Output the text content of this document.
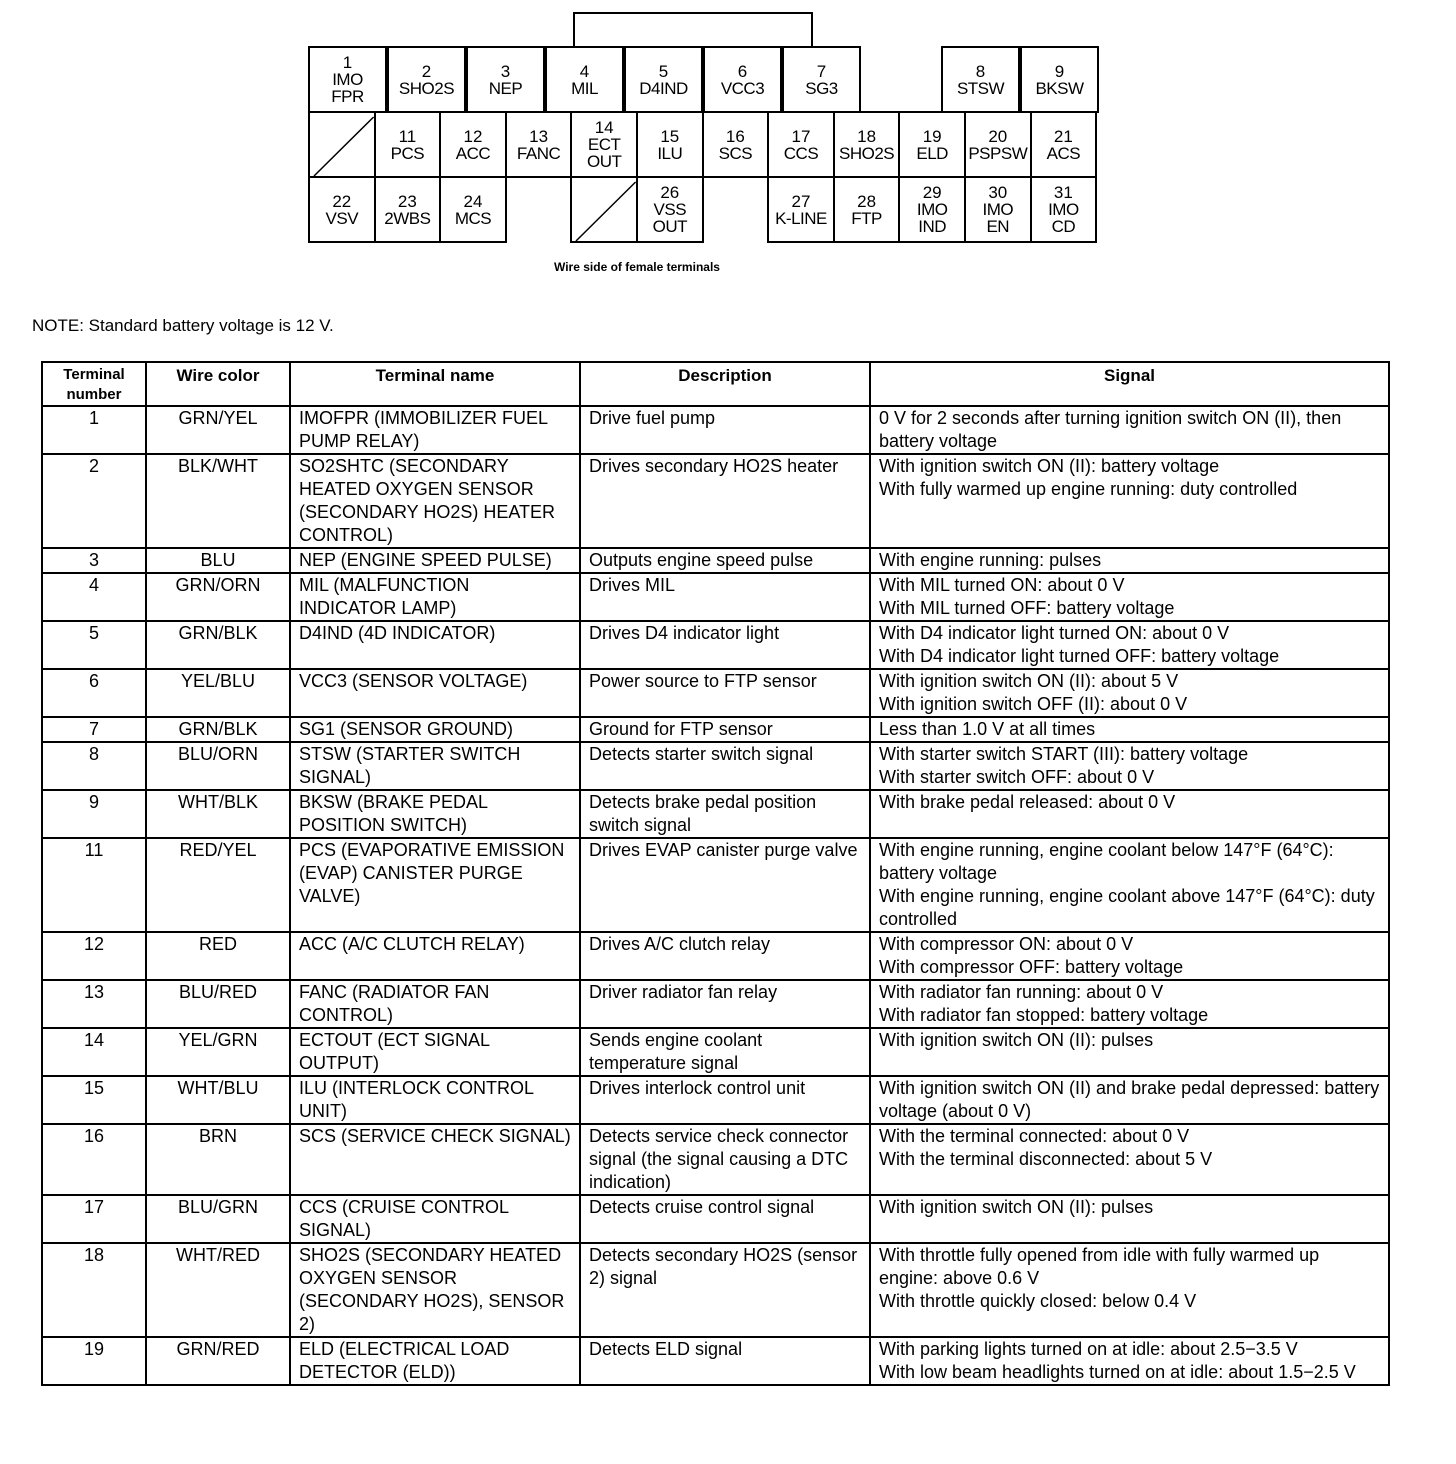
1
IMO
FPR
2
SHO2S
3
NEP
4
MIL
5
D4IND
6
VCC3
7
SG3
8
STSW
9
BKSW
11
PCS
12
ACC
13
FANC
14
ECT
OUT
15
ILU
16
SCS
17
CCS
18
SHO2S
19
ELD
20
PSPSW
21
ACS
22
VSV
23
2WBS
24
MCS
26
VSS
OUT
27
K-LINE
28
FTP
29
IMO
IND
30
IMO
EN
31
IMO
CD
Wire side of female terminals
NOTE: Standard battery voltage is 12 V.
Terminal number	Wire color	Terminal name	Description	Signal
1	GRN/YEL	IMOFPR (IMMOBILIZER FUEL PUMP RELAY)	Drive fuel pump	0 V for 2 seconds after turning ignition switch ON (II), then battery voltage

2	BLK/WHT	SO2SHTC (SECONDARY HEATED OXYGEN SENSOR (SECONDARY HO2S) HEATER CONTROL)	Drives secondary HO2S heater	With ignition switch ON (II): battery voltage
With fully warmed up engine running: duty controlled

3	BLU	NEP (ENGINE SPEED PULSE)	Outputs engine speed pulse	With engine running: pulses

4	GRN/ORN	MIL (MALFUNCTION INDICATOR LAMP)	Drives MIL	With MIL turned ON: about 0 V
With MIL turned OFF: battery voltage

5	GRN/BLK	D4IND (4D INDICATOR)	Drives D4 indicator light	With D4 indicator light turned ON: about 0 V
With D4 indicator light turned OFF: battery voltage

6	YEL/BLU	VCC3 (SENSOR VOLTAGE)	Power source to FTP sensor	With ignition switch ON (II): about 5 V
With ignition switch OFF (II): about 0 V

7	GRN/BLK	SG1 (SENSOR GROUND)	Ground for FTP sensor	Less than 1.0 V at all times

8	BLU/ORN	STSW (STARTER SWITCH SIGNAL)	Detects starter switch signal	With starter switch START (III): battery voltage
With starter switch OFF: about 0 V

9	WHT/BLK	BKSW (BRAKE PEDAL POSITION SWITCH)	Detects brake pedal position switch signal	With brake pedal released: about 0 V

11	RED/YEL	PCS (EVAPORATIVE EMISSION (EVAP) CANISTER PURGE VALVE)	Drives EVAP canister purge valve	With engine running, engine coolant below 147°F (64°C): battery voltage
With engine running, engine coolant above 147°F (64°C): duty controlled

12	RED	ACC (A/C CLUTCH RELAY)	Drives A/C clutch relay	With compressor ON: about 0 V
With compressor OFF: battery voltage

13	BLU/RED	FANC (RADIATOR FAN CONTROL)	Driver radiator fan relay	With radiator fan running: about 0 V
With radiator fan stopped: battery voltage

14	YEL/GRN	ECTOUT (ECT SIGNAL OUTPUT)	Sends engine coolant temperature signal	With ignition switch ON (II): pulses

15	WHT/BLU	ILU (INTERLOCK CONTROL UNIT)	Drives interlock control unit	With ignition switch ON (II) and brake pedal depressed: battery voltage (about 0 V)

16	BRN	SCS (SERVICE CHECK SIGNAL)	Detects service check connector signal (the signal causing a DTC indication)	With the terminal connected: about 0 V
With the terminal disconnected: about 5 V

17	BLU/GRN	CCS (CRUISE CONTROL SIGNAL)	Detects cruise control signal	With ignition switch ON (II): pulses

18	WHT/RED	SHO2S (SECONDARY HEATED OXYGEN SENSOR (SECONDARY HO2S), SENSOR 2)	Detects secondary HO2S (sensor 2) signal	With throttle fully opened from idle with fully warmed up engine: above 0.6 V
With throttle quickly closed: below 0.4 V

19	GRN/RED	ELD (ELECTRICAL LOAD DETECTOR (ELD))	Detects ELD signal	With parking lights turned on at idle: about 2.5−3.5 V
With low beam headlights turned on at idle: about 1.5−2.5 V
